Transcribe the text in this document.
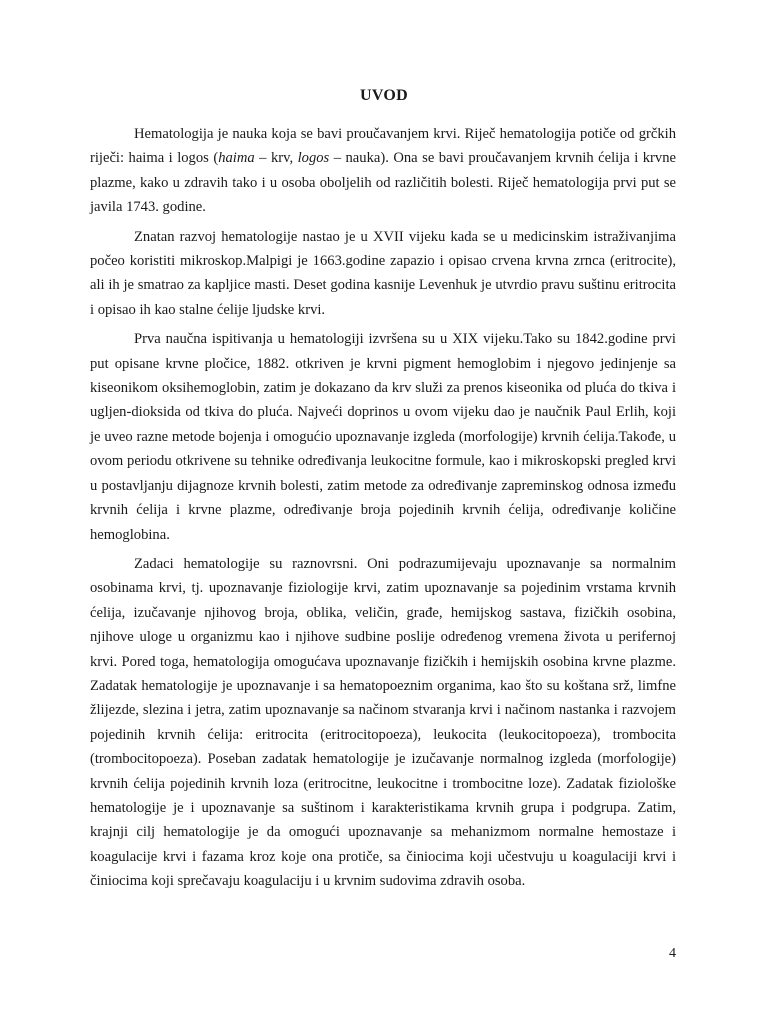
UVOD

Hematologija je nauka koja se bavi proučavanjem krvi. Riječ hematologija potiče od grčkih riječi: haima i logos (haima – krv, logos – nauka). Ona se bavi proučavanjem krvnih ćelija i krvne plazme, kako u zdravih tako i u osoba oboljelih od različitih bolesti. Riječ hematologija prvi put se javila 1743. godine.

Znatan razvoj hematologije nastao je u XVII vijeku kada se u medicinskim istraživanjima počeo koristiti mikroskop.Malpigi je 1663.godine zapazio i opisao crvena krvna zrnca (eritrocite), ali ih je smatrao za kapljice masti. Deset godina kasnije Levenhuk je utvrdio pravu suštinu eritrocita i opisao ih kao stalne ćelije ljudske krvi.

Prva naučna ispitivanja u hematologiji izvršena su u XIX vijeku.Tako su 1842.godine prvi put opisane krvne pločice, 1882. otkriven je krvni pigment hemoglobim i njegovo jedinjenje sa kiseonikom oksihemoglobin, zatim je dokazano da krv služi za prenos kiseonika od pluća do tkiva i ugljen-dioksida od tkiva do pluća. Najveći doprinos u ovom vijeku dao je naučnik Paul Erlih, koji je uveo razne metode bojenja i omogućio upoznavanje izgleda (morfologije) krvnih ćelija.Takođe, u ovom periodu otkrivene su tehnike određivanja leukocitne formule, kao i mikroskopski pregled krvi u postavljanju dijagnoze krvnih bolesti, zatim metode za određivanje zapreminskog odnosa između krvnih ćelija i krvne plazme, određivanje broja pojedinih krvnih ćelija, određivanje količine hemoglobina.

Zadaci hematologije su raznovrsni. Oni podrazumijevaju upoznavanje sa normalnim osobinama krvi, tj. upoznavanje fiziologije krvi, zatim upoznavanje sa pojedinim vrstama krvnih ćelija, izučavanje njihovog broja, oblika, veličin, građe, hemijskog sastava, fizičkih osobina, njihove uloge u organizmu kao i njihove sudbine poslije određenog vremena života u perifernoj krvi. Pored toga, hematologija omogućava upoznavanje fizičkih i hemijskih osobina krvne plazme. Zadatak hematologije je upoznavanje i sa hematopoeznim organima, kao što su koštana srž, limfne žlijezde, slezina i jetra, zatim upoznavanje sa načinom stvaranja krvi i načinom nastanka i razvojem pojedinih krvnih ćelija: eritrocita (eritrocitopoeza), leukocita (leukocitopoeza), trombocita (trombocitopoeza). Poseban zadatak hematologije je izučavanje normalnog izgleda (morfologije) krvnih ćelija pojedinih krvnih loza (eritrocitne, leukocitne i trombocitne loze). Zadatak fiziološke hematologije je i upoznavanje sa suštinom i karakteristikama krvnih grupa i podgrupa. Zatim, krajnji cilj hematologije je da omogući upoznavanje sa mehanizmom normalne hemostaze i koagulacije krvi i fazama kroz koje ona protiče, sa činiocima koji učestvuju u koagulaciji krvi i činiocima koji sprečavaju koagulaciju i u krvnim sudovima zdravih osoba.

4
